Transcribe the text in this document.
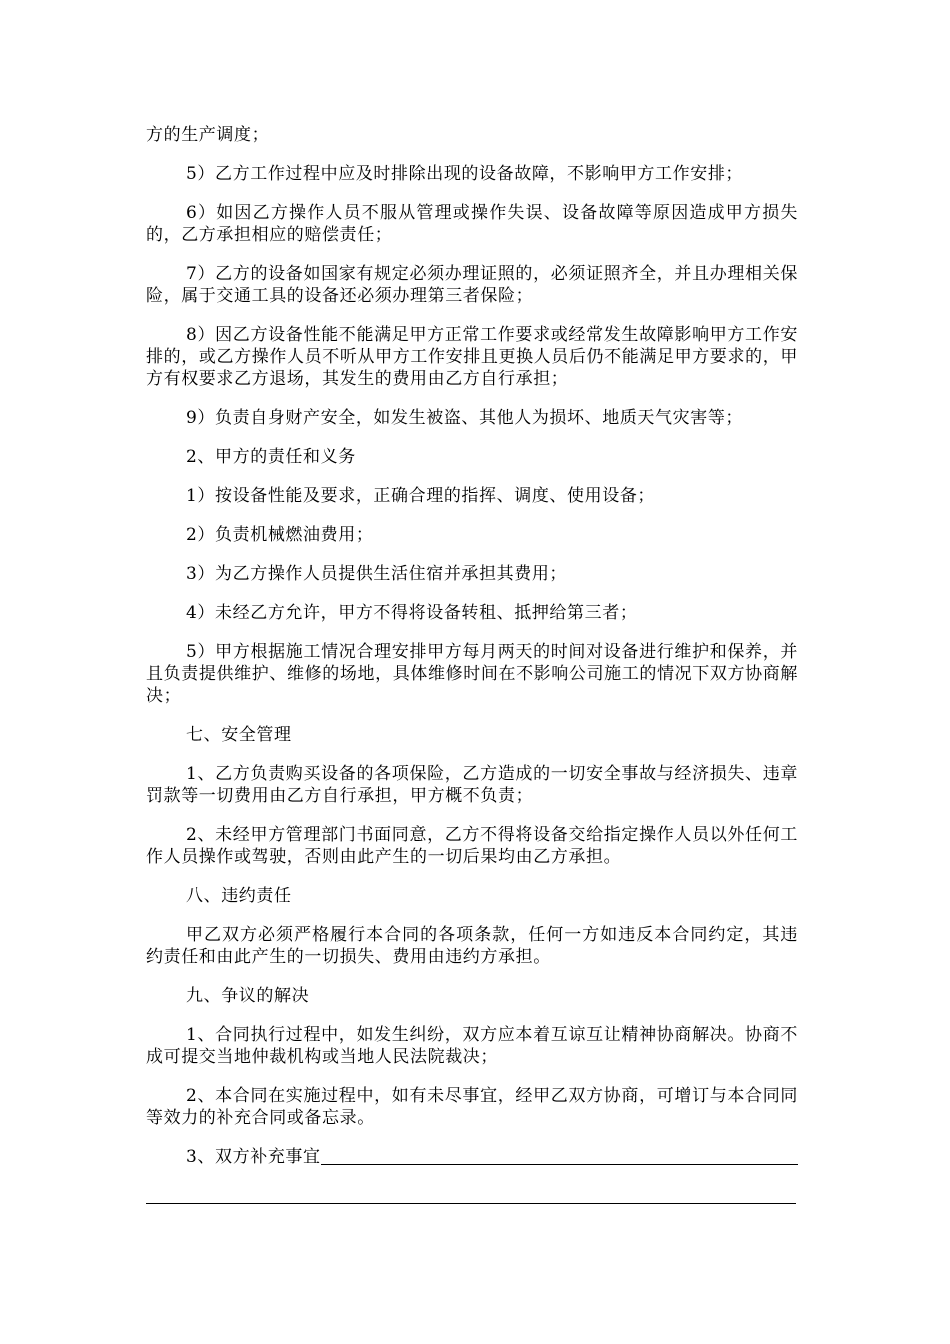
方的生产调度；

5）乙方工作过程中应及时排除出现的设备故障，不影响甲方工作安排；

6）如因乙方操作人员不服从管理或操作失误、设备故障等原因造成甲方损失的，乙方承担相应的赔偿责任；

7）乙方的设备如国家有规定必须办理证照的，必须证照齐全，并且办理相关保险，属于交通工具的设备还必须办理第三者保险；

8）因乙方设备性能不能满足甲方正常工作要求或经常发生故障影响甲方工作安排的，或乙方操作人员不听从甲方工作安排且更换人员后仍不能满足甲方要求的，甲方有权要求乙方退场，其发生的费用由乙方自行承担；

9）负责自身财产安全，如发生被盗、其他人为损坏、地质天气灾害等；

2、甲方的责任和义务

1）按设备性能及要求，正确合理的指挥、调度、使用设备；

2）负责机械燃油费用；

3）为乙方操作人员提供生活住宿并承担其费用；

4）未经乙方允许，甲方不得将设备转租、抵押给第三者；

5）甲方根据施工情况合理安排甲方每月两天的时间对设备进行维护和保养，并且负责提供维护、维修的场地，具体维修时间在不影响公司施工的情况下双方协商解决；

七、安全管理

1、乙方负责购买设备的各项保险，乙方造成的一切安全事故与经济损失、违章罚款等一切费用由乙方自行承担，甲方概不负责；

2、未经甲方管理部门书面同意，乙方不得将设备交给指定操作人员以外任何工作人员操作或驾驶，否则由此产生的一切后果均由乙方承担。

八、违约责任

甲乙双方必须严格履行本合同的各项条款，任何一方如违反本合同约定，其违约责任和由此产生的一切损失、费用由违约方承担。

九、争议的解决

1、合同执行过程中，如发生纠纷，双方应本着互谅互让精神协商解决。协商不成可提交当地仲裁机构或当地人民法院裁决；

2、本合同在实施过程中，如有未尽事宜，经甲乙双方协商，可增订与本合同同等效力的补充合同或备忘录。

3、双方补充事宜
